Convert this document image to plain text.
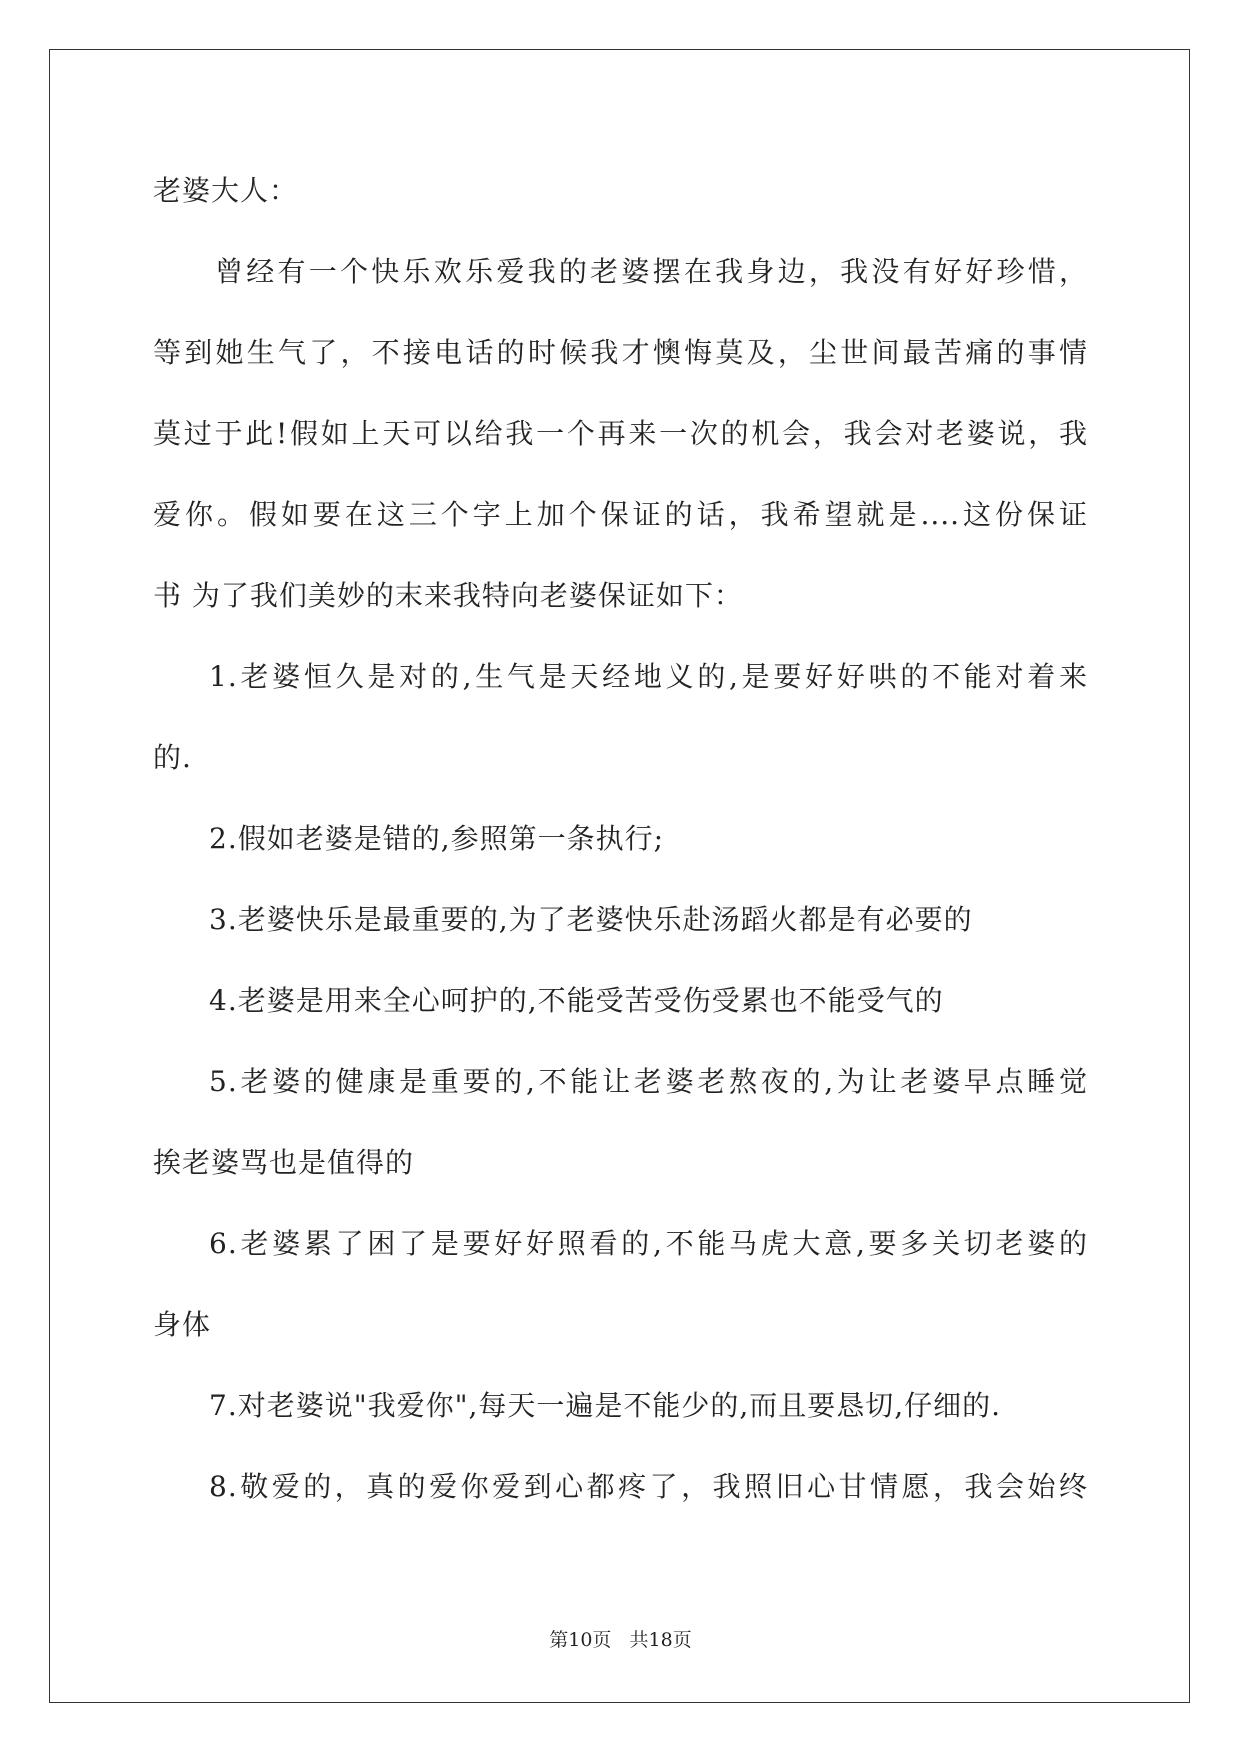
老婆大人：
曾经有一个快乐欢乐爱我的老婆摆在我身边，我没有好好珍惜，
等到她生气了，不接电话的时候我才懊悔莫及，尘世间最苦痛的事情
莫过于此!假如上天可以给我一个再来一次的机会，我会对老婆说，我
爱你。假如要在这三个字上加个保证的话，我希望就是....这份保证
书 为了我们美妙的末来我特向老婆保证如下：
1.老婆恒久是对的,生气是天经地义的,是要好好哄的不能对着来
的.
2.假如老婆是错的,参照第一条执行;
3.老婆快乐是最重要的,为了老婆快乐赴汤蹈火都是有必要的
4.老婆是用来全心呵护的,不能受苦受伤受累也不能受气的
5.老婆的健康是重要的,不能让老婆老熬夜的,为让老婆早点睡觉
挨老婆骂也是值得的
6.老婆累了困了是要好好照看的,不能马虎大意,要多关切老婆的
身体
7.对老婆说"我爱你",每天一遍是不能少的,而且要恳切,仔细的.
8.敬爱的，真的爱你爱到心都疼了，我照旧心甘情愿，我会始终
第10页   共18页
